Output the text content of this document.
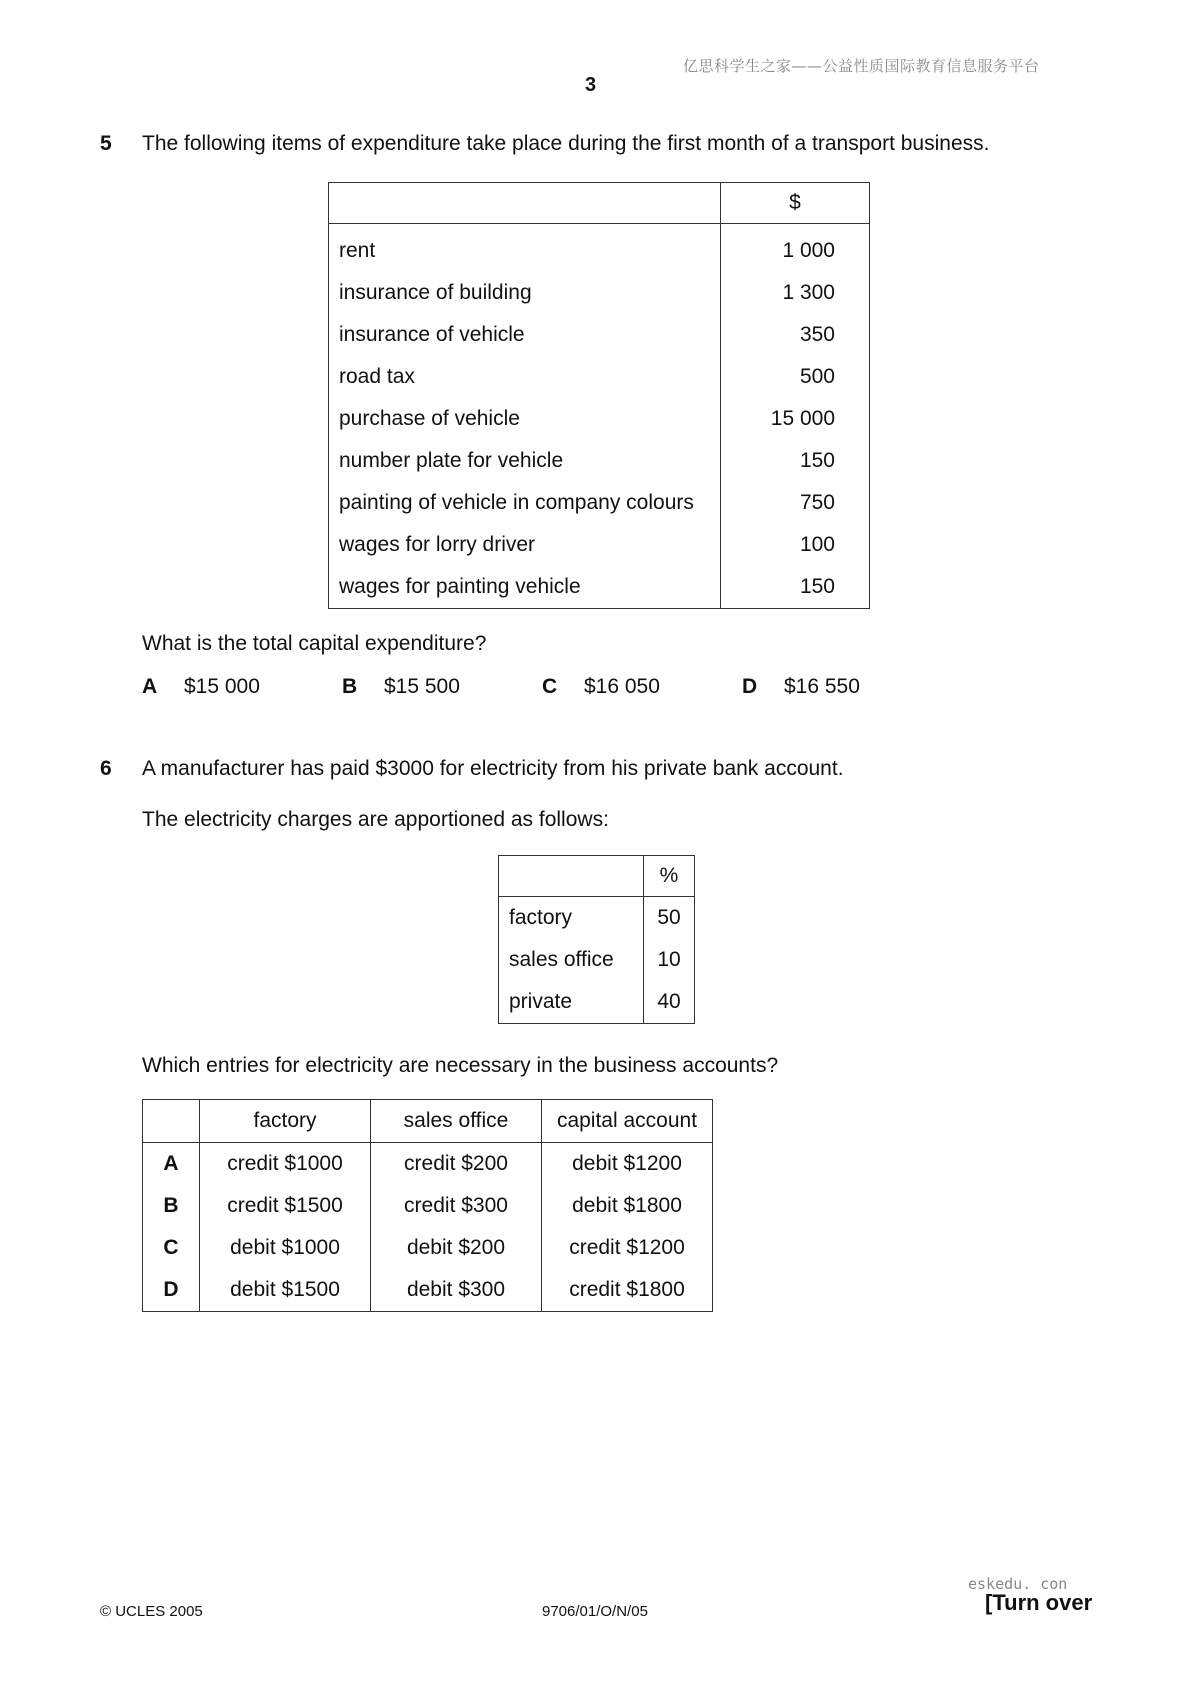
亿思科学生之家——公益性质国际教育信息服务平台
3
5 The following items of expenditure take place during the first month of a transport business.
	$
rent	1 000
insurance of building	1 300
insurance of vehicle	350
road tax	500
purchase of vehicle	15 000
number plate for vehicle	150
painting of vehicle in company colours	750
wages for lorry driver	100
wages for painting vehicle	150
What is the total capital expenditure?
A $15 000	B $15 500	C $16 050	D $16 550
6 A manufacturer has paid $3000 for electricity from his private bank account.
The electricity charges are apportioned as follows:
	%
factory	50
sales office	10
private	40
Which entries for electricity are necessary in the business accounts?
	factory	sales office	capital account
A	credit $1000	credit $200	debit $1200
B	credit $1500	credit $300	debit $1800
C	debit $1000	debit $200	credit $1200
D	debit $1500	debit $300	credit $1800
© UCLES 2005	9706/01/O/N/05
eskedu. con
[Turn over
